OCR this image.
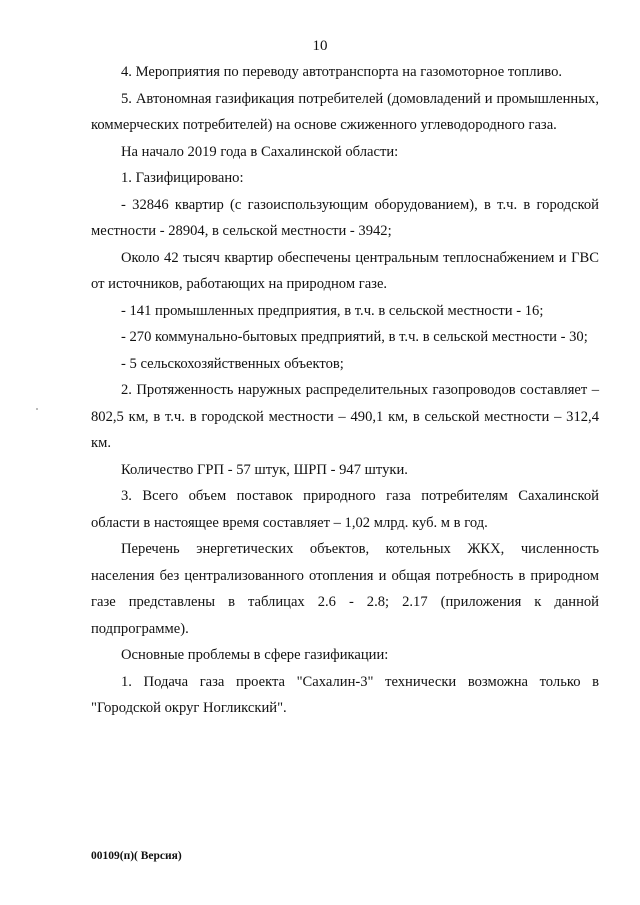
10

4. Мероприятия по переводу автотранспорта на газомоторное топливо.

5. Автономная газификация потребителей (домовладений и промышленных, коммерческих потребителей) на основе сжиженного углеводородного газа.

На начало 2019 года в Сахалинской области:

1. Газифицировано:

- 32846 квартир (с газоиспользующим оборудованием), в т.ч. в городской местности - 28904, в сельской местности - 3942;

Около 42 тысяч квартир обеспечены центральным теплоснабжением и ГВС от источников, работающих на природном газе.

- 141 промышленных предприятия, в т.ч. в сельской местности - 16;

- 270 коммунально-бытовых предприятий, в т.ч. в сельской местности - 30;

- 5 сельскохозяйственных объектов;

2. Протяженность наружных распределительных газопроводов составляет – 802,5 км, в т.ч. в городской местности – 490,1 км, в сельской местности – 312,4 км.

Количество ГРП - 57 штук, ШРП - 947 штуки.

3. Всего объем поставок природного газа потребителям Сахалинской области в настоящее время составляет – 1,02 млрд. куб. м в год.

Перечень энергетических объектов, котельных ЖКХ, численность населения без централизованного отопления и общая потребность в природном газе представлены в таблицах 2.6 - 2.8; 2.17 (приложения к данной подпрограмме).

Основные проблемы в сфере газификации:

1. Подача газа проекта "Сахалин-3" технически возможна только в "Городской округ Ногликский".

00109(п)( Версия)
